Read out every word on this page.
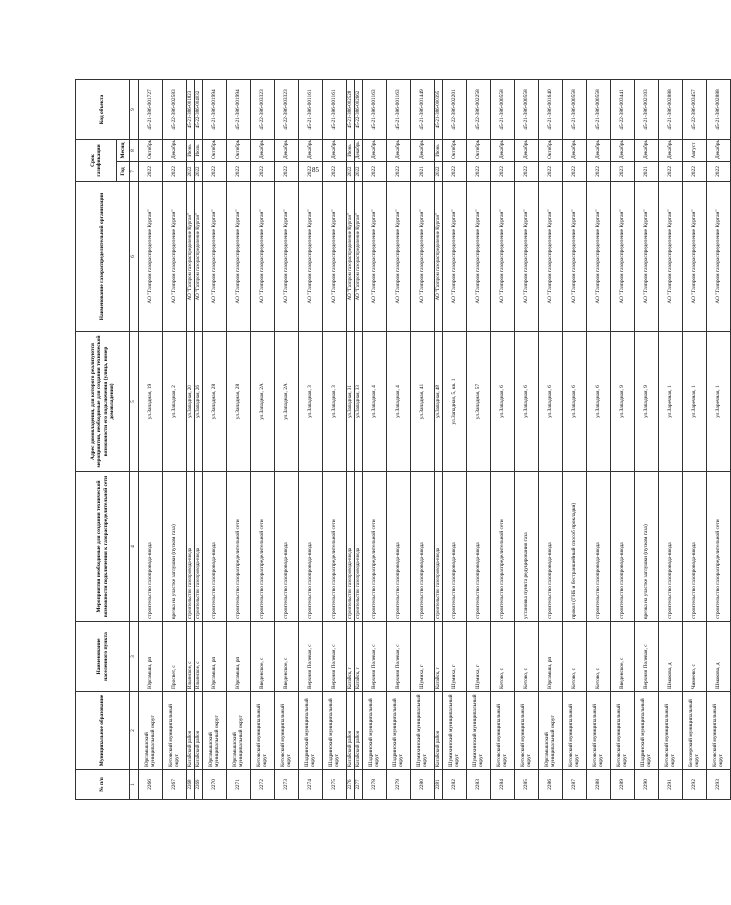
85
№ п/п	Муниципальное образование	Наименование населенного пункта	Мероприятия необходимые для создания технической возможности подключения к газораспределительной сети	Адрес домовладения, для которого реализуются мероприятия, необходимые для создания технической возможности его подключения (улица, номер домовладения)	Наименование газораспределительной организации	Срок газификации		Код объекта
						Год	Месяц	
1	2	3	4	5	6	7	8	9
2266	Юргамышский муниципальный округ	Юргамыш, рп	строительство газопровода-ввода	ул.Западная, 19	АО "Газпром газораспределение Курган"	2022	Октябрь	45-21-386-001727
2267	Кетовский муниципальный округ	Просвет, с	врезка на участке заглушки (пуском газа)	ул.Западная, 2	АО "Газпром газораспределение Курган"	2022	Декабрь	45-22-386-002583
2268	Катайский район	Ильинское, с	строительство газопровода-ввода	ул.Западная, 20	АО "Газпром газораспределение Курган"	2022	Июнь	45-21-386-001823
2269	Катайский район	Ильинское, с	строительство газопровода-ввода	ул.Западная, 26	АО "Газпром газораспределение Курган"	2022	Июль	45-22-386-004032
2270	Юргамышский муниципальный округ	Юргамыш, рп	строительство газопровода-ввода	ул.Западная, 28	АО "Газпром газораспределение Курган"	2022	Октябрь	45-21-386-001994
2271	Юргамышский муниципальный округ	Юргамыш, рп	строительство газораспределительной сети	ул.Западная, 28	АО "Газпром газораспределение Курган"	2022	Октябрь	45-21-386-001994
2272	Кетовский муниципальный округ	Введенское, с	строительство газораспределительной сети	ул.Западная, 2А	АО "Газпром газораспределение Курган"	2022	Декабрь	45-22-386-003323
2273	Кетовский муниципальный округ	Введенское, с	строительство газопровода-ввода	ул.Западная, 2А	АО "Газпром газораспределение Курган"	2022	Декабрь	45-22-386-003323
2274	Шадринский муниципальный округ	Верхняя Полевая, с	строительство газопровода-ввода	ул.Западная, 3	АО "Газпром газораспределение Курган"	2022	Декабрь	45-21-386-001161
2275	Шадринский муниципальный округ	Верхняя Полевая, с	строительство газораспределительной сети	ул.Западная, 3	АО "Газпром газораспределение Курган"	2022	Декабрь	45-21-386-001161
2276	Катайский район	Катайск, г	строительство газопровода-ввода	ул.Западная, 31	АО "Газпром газораспределение Курган"	2022	Июнь	45-21-386-002528
2277	Катайский район	Катайск, г	строительство газопровода-ввода	ул.Западная, 33	АО "Газпром газораспределение Курган"	2022	Декабрь	45-22-386-002662
2278	Шадринский муниципальный округ	Верхняя Полевая, с	строительство газораспределительной сети	ул.Западная, 4	АО "Газпром газораспределение Курган"	2022	Декабрь	45-21-386-001163
2279	Шадринский муниципальный округ	Верхняя Полевая, с	строительство газопровода-ввода	ул.Западная, 4	АО "Газпром газораспределение Курган"	2022	Декабрь	45-21-386-001163
2280	Шумихинский муниципальный округ	Шумиха, г	строительство газопровода-ввода	ул.Западная, 41	АО "Газпром газораспределение Курган"	2021	Декабрь	45-21-386-001449
2281	Катайский район	Катайск, г	строительство газопровода-ввода	ул.Западная, 48	АО "Газпром газораспределение Курган"	2022	Июнь	45-21-386-000395
2282	Шумихинский муниципальный округ	Шумиха, г	строительство газопровода-ввода	ул.Западная, 5, кв. 1	АО "Газпром газораспределение Курган"	2022	Октябрь	45-22-386-002201
2283	Шумихинский муниципальный округ	Шумиха, г	строительство газопровода-ввода	ул.Западная, 57	АО "Газпром газораспределение Курган"	2022	Октябрь	45-22-386-002258
2284	Кетовский муниципальный округ	Кетово, с	строительство газораспределительной сети	ул.Западная, 6	АО "Газпром газораспределение Курган"	2022	Декабрь	45-21-386-000558
2285	Кетовский муниципальный округ	Кетово, с	установка пункта редуцирования газа	ул.Западная, 6	АО "Газпром газораспределение Курган"	2022	Декабрь	45-21-386-000558
2286	Юргамышский муниципальный округ	Юргамыш, рп	строительство газопровода-ввода	ул.Западная, 6	АО "Газпром газораспределение Курган"	2022	Октябрь	45-21-386-001640
2287	Кетовский муниципальный округ	Кетово, с	прокол (ГНБ и бестраншейный способ прокладки)	ул.Западная, 6	АО "Газпром газораспределение Курган"	2022	Декабрь	45-21-386-000558
2288	Кетовский муниципальный округ	Кетово, с	строительство газопровода-ввода	ул.Западная, 6	АО "Газпром газораспределение Курган"	2022	Декабрь	45-21-386-000558
2289	Кетовский муниципальный округ	Введенское, с	строительство газопровода-ввода	ул.Западная, 9	АО "Газпром газораспределение Курган"	2023	Декабрь	45-22-386-003441
2290	Шадринский муниципальный округ	Верхняя Полевая, с	врезка на участке заглушки (пуском газа)	ул.Западная, 9	АО "Газпром газораспределение Курган"	2021	Декабрь	45-21-386-002103
2291	Кетовский муниципальный округ	Шмакова, д	строительство газопровода-ввода	ул.Заречная, 1	АО "Газпром газораспределение Курган"	2022	Декабрь	45-21-386-002888
2292	Белозерский муниципальный округ	Чимеево, с	строительство газопровода-ввода	ул.Заречная, 1	АО "Газпром газораспределение Курган"	2022	Август	45-22-386-003457
2293	Кетовский муниципальный округ	Шмакова, д	строительство газораспределительной сети	ул.Заречная, 1	АО "Газпром газораспределение Курган"	2022	Декабрь	45-21-386-002888
